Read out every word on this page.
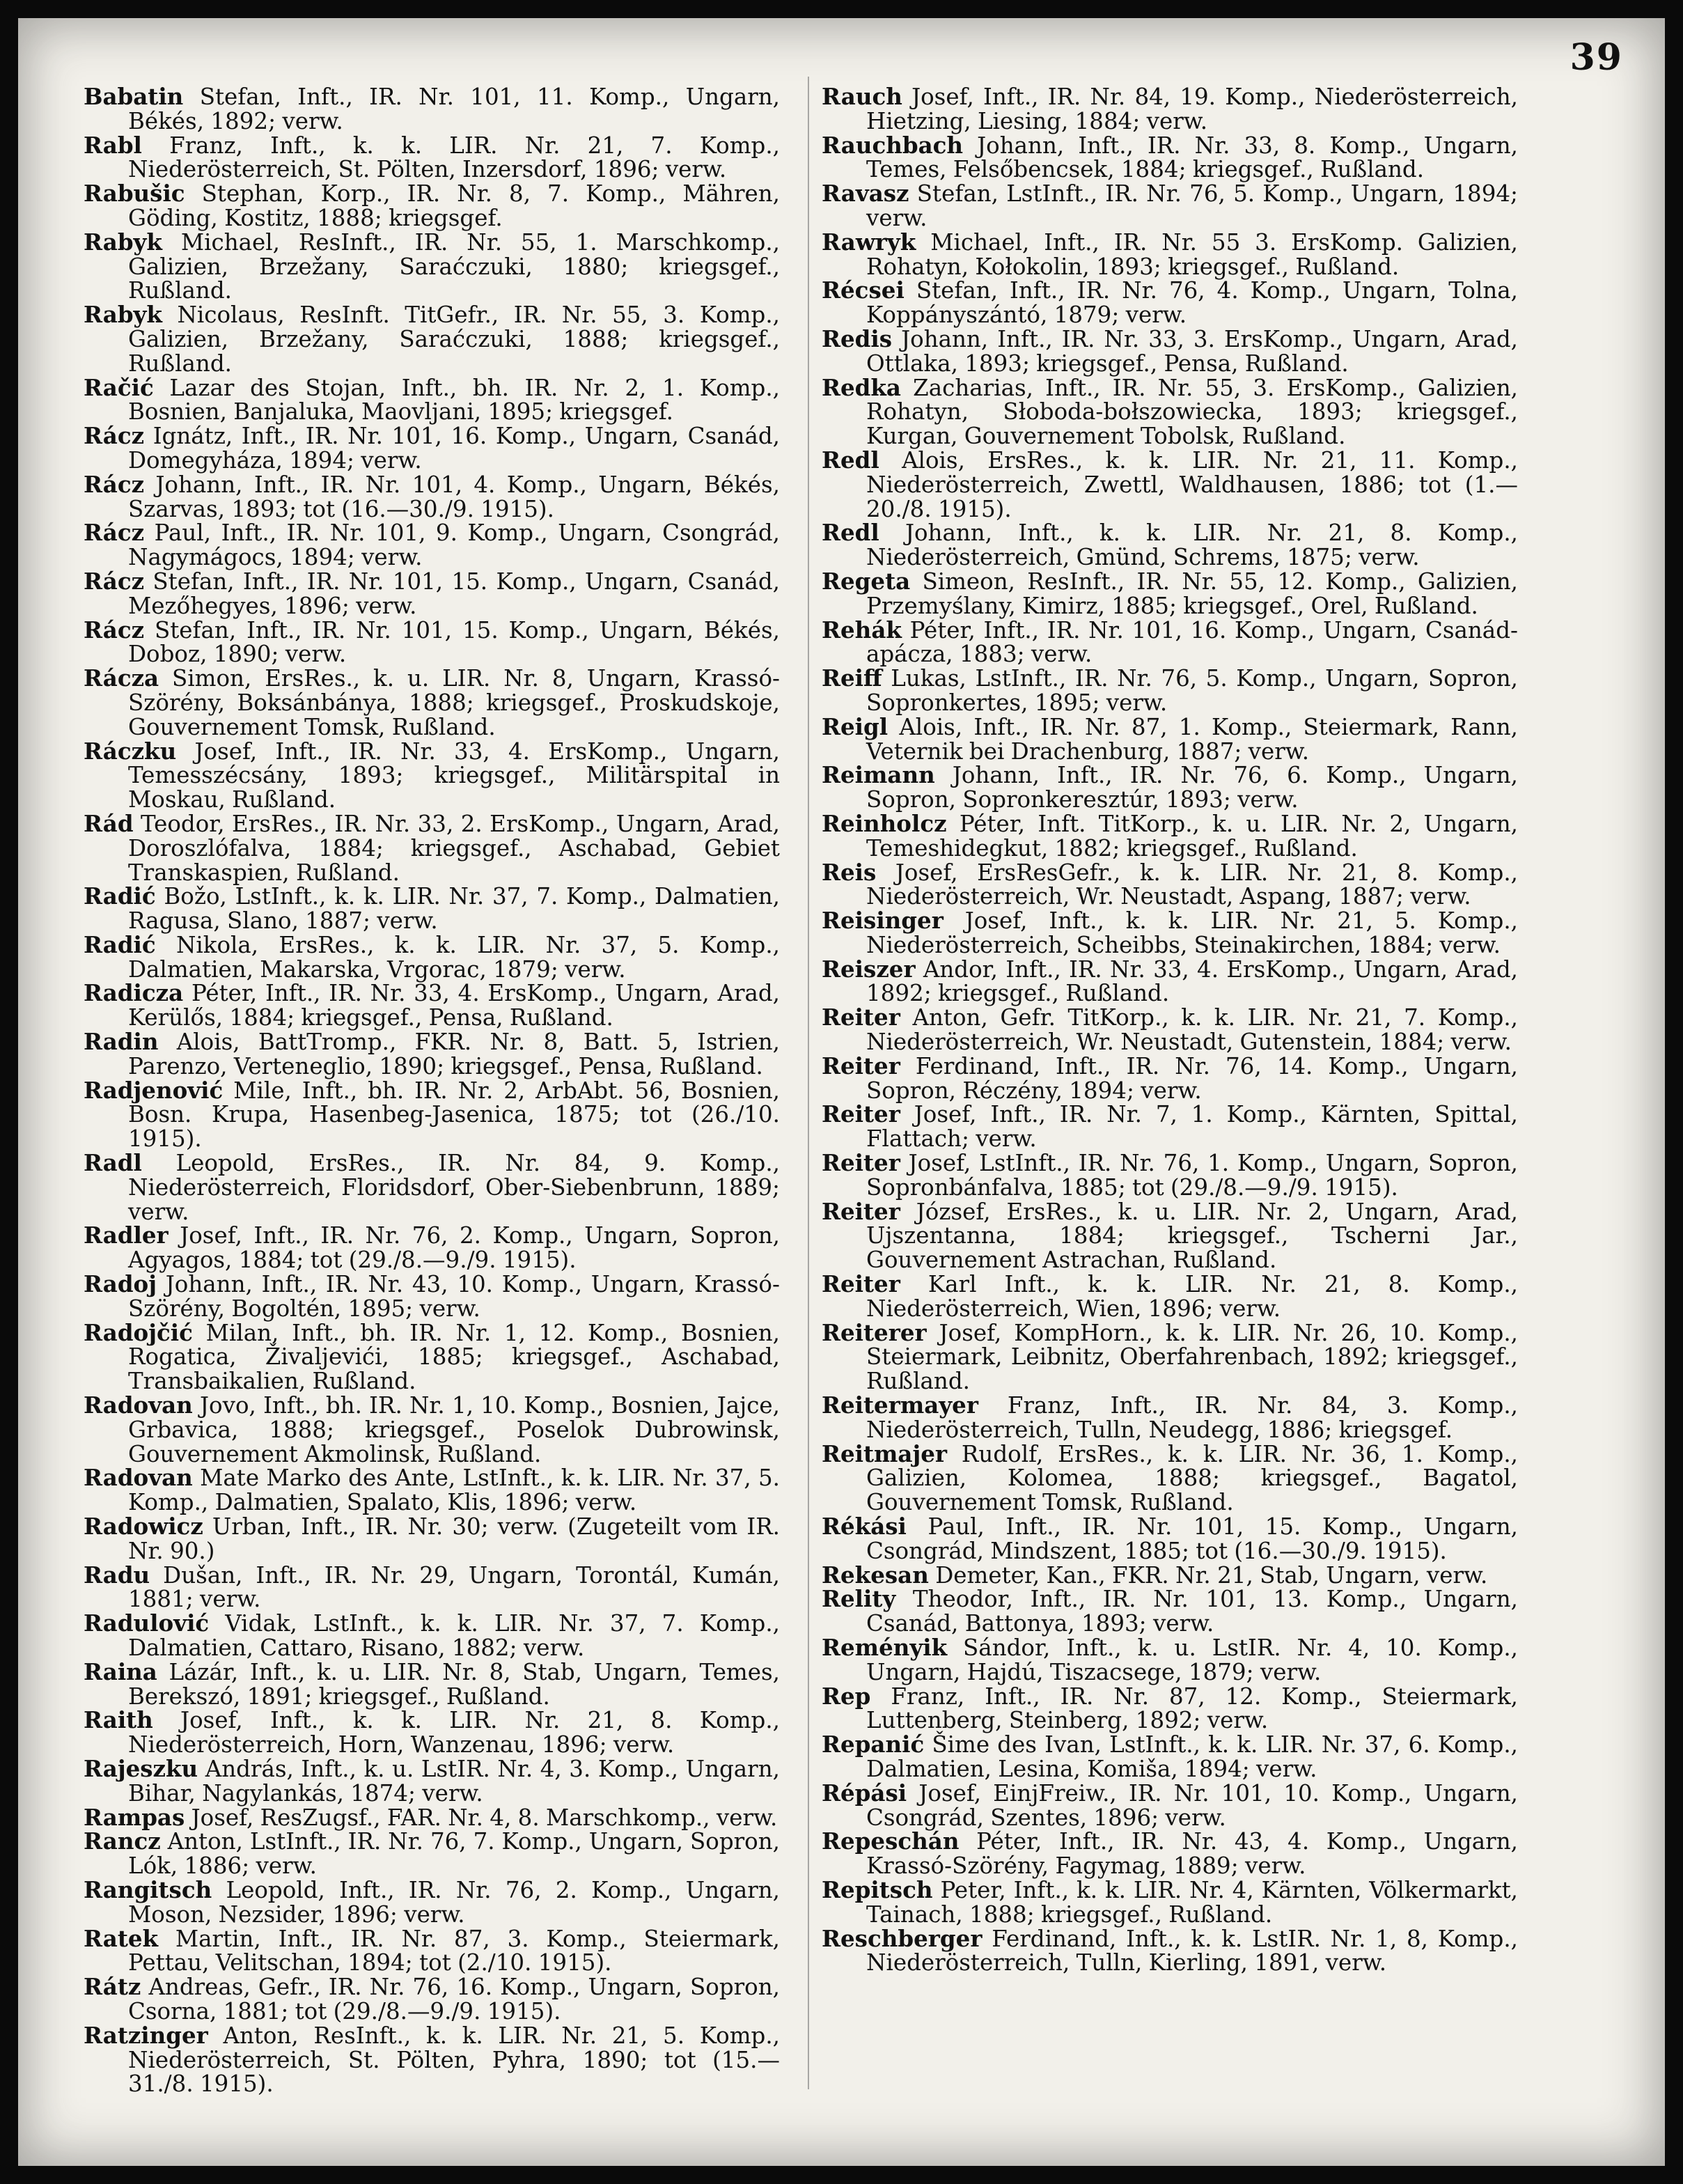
39
Babatin Stefan, Inft., IR. Nr. 101, 11. Komp., Ungarn, Békés, 1892; verw.
Rabl Franz, Inft., k. k. LIR. Nr. 21, 7. Komp., Niederösterreich, St. Pölten, Inzersdorf, 1896; verw.
Rabušic Stephan, Korp., IR. Nr. 8, 7. Komp., Mähren, Göding, Kostitz, 1888; kriegsgef.
Rabyk Michael, ResInft., IR. Nr. 55, 1. Marschkomp., Galizien, Brzežany, Saraćczuki, 1880; kriegsgef., Rußland.
Rabyk Nicolaus, ResInft. TitGefr., IR. Nr. 55, 3. Komp., Galizien, Brzežany, Saraćczuki, 1888; kriegsgef., Rußland.
Račić Lazar des Stojan, Inft., bh. IR. Nr. 2, 1. Komp., Bosnien, Banjaluka, Maovljani, 1895; kriegsgef.
Rácz Ignátz, Inft., IR. Nr. 101, 16. Komp., Ungarn, Csanád, Domegyháza, 1894; verw.
Rácz Johann, Inft., IR. Nr. 101, 4. Komp., Ungarn, Békés, Szarvas, 1893; tot (16.—30./9. 1915).
Rácz Paul, Inft., IR. Nr. 101, 9. Komp., Ungarn, Csongrád, Nagymágocs, 1894; verw.
Rácz Stefan, Inft., IR. Nr. 101, 15. Komp., Ungarn, Csanád, Mezőhegyes, 1896; verw.
Rácz Stefan, Inft., IR. Nr. 101, 15. Komp., Ungarn, Békés, Doboz, 1890; verw.
Rácza Simon, ErsRes., k. u. LIR. Nr. 8, Ungarn, Krassó-Szörény, Boksánbánya, 1888; kriegsgef., Proskudskoje, Gouvernement Tomsk, Rußland.
Ráczku Josef, Inft., IR. Nr. 33, 4. ErsKomp., Ungarn, Temesszécsány, 1893; kriegsgef., Militärspital in Moskau, Rußland.
Rád Teodor, ErsRes., IR. Nr. 33, 2. ErsKomp., Ungarn, Arad, Doroszlófalva, 1884; kriegsgef., Aschabad, Gebiet Transkaspien, Rußland.
Radić Božo, LstInft., k. k. LIR. Nr. 37, 7. Komp., Dalmatien, Ragusa, Slano, 1887; verw.
Radić Nikola, ErsRes., k. k. LIR. Nr. 37, 5. Komp., Dalmatien, Makarska, Vrgorac, 1879; verw.
Radicza Péter, Inft., IR. Nr. 33, 4. ErsKomp., Ungarn, Arad, Kerülős, 1884; kriegsgef., Pensa, Rußland.
Radin Alois, BattTromp., FKR. Nr. 8, Batt. 5, Istrien, Parenzo, Verteneglio, 1890; kriegsgef., Pensa, Rußland.
Radjenović Mile, Inft., bh. IR. Nr. 2, ArbAbt. 56, Bosnien, Bosn. Krupa, Hasenbeg-Jasenica, 1875; tot (26./10. 1915).
Radl Leopold, ErsRes., IR. Nr. 84, 9. Komp., Niederösterreich, Floridsdorf, Ober-Siebenbrunn, 1889; verw.
Radler Josef, Inft., IR. Nr. 76, 2. Komp., Ungarn, Sopron, Agyagos, 1884; tot (29./8.—9./9. 1915).
Radoj Johann, Inft., IR. Nr. 43, 10. Komp., Ungarn, Krassó-Szörény, Bogoltén, 1895; verw.
Radojčić Milan, Inft., bh. IR. Nr. 1, 12. Komp., Bosnien, Rogatica, Živaljevići, 1885; kriegsgef., Aschabad, Transbaikalien, Rußland.
Radovan Jovo, Inft., bh. IR. Nr. 1, 10. Komp., Bosnien, Jajce, Grbavica, 1888; kriegsgef., Poselok Dubrowinsk, Gouvernement Akmolinsk, Rußland.
Radovan Mate Marko des Ante, LstInft., k. k. LIR. Nr. 37, 5. Komp., Dalmatien, Spalato, Klis, 1896; verw.
Radowicz Urban, Inft., IR. Nr. 30; verw. (Zugeteilt vom IR. Nr. 90.)
Radu Dušan, Inft., IR. Nr. 29, Ungarn, Torontál, Kumán, 1881; verw.
Radulović Vidak, LstInft., k. k. LIR. Nr. 37, 7. Komp., Dalmatien, Cattaro, Risano, 1882; verw.
Raina Lázár, Inft., k. u. LIR. Nr. 8, Stab, Ungarn, Temes, Berekszó, 1891; kriegsgef., Rußland.
Raith Josef, Inft., k. k. LIR. Nr. 21, 8. Komp., Niederösterreich, Horn, Wanzenau, 1896; verw.
Rajeszku András, Inft., k. u. LstIR. Nr. 4, 3. Komp., Ungarn, Bihar, Nagylankás, 1874; verw.
Rampas Josef, ResZugsf., FAR. Nr. 4, 8. Marschkomp., verw.
Rancz Anton, LstInft., IR. Nr. 76, 7. Komp., Ungarn, Sopron, Lók, 1886; verw.
Rangitsch Leopold, Inft., IR. Nr. 76, 2. Komp., Ungarn, Moson, Nezsider, 1896; verw.
Ratek Martin, Inft., IR. Nr. 87, 3. Komp., Steiermark, Pettau, Velitschan, 1894; tot (2./10. 1915).
Rátz Andreas, Gefr., IR. Nr. 76, 16. Komp., Ungarn, Sopron, Csorna, 1881; tot (29./8.—9./9. 1915).
Ratzinger Anton, ResInft., k. k. LIR. Nr. 21, 5. Komp., Niederösterreich, St. Pölten, Pyhra, 1890; tot (15.—31./8. 1915).
Rauch Josef, Inft., IR. Nr. 84, 19. Komp., Niederösterreich, Hietzing, Liesing, 1884; verw.
Rauchbach Johann, Inft., IR. Nr. 33, 8. Komp., Ungarn, Temes, Felsőbencsek, 1884; kriegsgef., Rußland.
Ravasz Stefan, LstInft., IR. Nr. 76, 5. Komp., Ungarn, 1894; verw.
Rawryk Michael, Inft., IR. Nr. 55 3. ErsKomp. Galizien, Rohatyn, Kołokolin, 1893; kriegsgef., Rußland.
Récsei Stefan, Inft., IR. Nr. 76, 4. Komp., Ungarn, Tolna, Koppányszántó, 1879; verw.
Redis Johann, Inft., IR. Nr. 33, 3. ErsKomp., Ungarn, Arad, Ottlaka, 1893; kriegsgef., Pensa, Rußland.
Redka Zacharias, Inft., IR. Nr. 55, 3. ErsKomp., Galizien, Rohatyn, Słoboda-bołszowiecka, 1893; kriegsgef., Kurgan, Gouvernement Tobolsk, Rußland.
Redl Alois, ErsRes., k. k. LIR. Nr. 21, 11. Komp., Niederösterreich, Zwettl, Waldhausen, 1886; tot (1.—20./8. 1915).
Redl Johann, Inft., k. k. LIR. Nr. 21, 8. Komp., Niederösterreich, Gmünd, Schrems, 1875; verw.
Regeta Simeon, ResInft., IR. Nr. 55, 12. Komp., Galizien, Przemyślany, Kimirz, 1885; kriegsgef., Orel, Rußland.
Rehák Péter, Inft., IR. Nr. 101, 16. Komp., Ungarn, Csanád-apácza, 1883; verw.
Reiff Lukas, LstInft., IR. Nr. 76, 5. Komp., Ungarn, Sopron, Sopronkertes, 1895; verw.
Reigl Alois, Inft., IR. Nr. 87, 1. Komp., Steiermark, Rann, Veternik bei Drachenburg, 1887; verw.
Reimann Johann, Inft., IR. Nr. 76, 6. Komp., Ungarn, Sopron, Sopronkeresztúr, 1893; verw.
Reinholcz Péter, Inft. TitKorp., k. u. LIR. Nr. 2, Ungarn, Temeshidegkut, 1882; kriegsgef., Rußland.
Reis Josef, ErsResGefr., k. k. LIR. Nr. 21, 8. Komp., Niederösterreich, Wr. Neustadt, Aspang, 1887; verw.
Reisinger Josef, Inft., k. k. LIR. Nr. 21, 5. Komp., Niederösterreich, Scheibbs, Steinakirchen, 1884; verw.
Reiszer Andor, Inft., IR. Nr. 33, 4. ErsKomp., Ungarn, Arad, 1892; kriegsgef., Rußland.
Reiter Anton, Gefr. TitKorp., k. k. LIR. Nr. 21, 7. Komp., Niederösterreich, Wr. Neustadt, Gutenstein, 1884; verw.
Reiter Ferdinand, Inft., IR. Nr. 76, 14. Komp., Ungarn, Sopron, Réczény, 1894; verw.
Reiter Josef, Inft., IR. Nr. 7, 1. Komp., Kärnten, Spittal, Flattach; verw.
Reiter Josef, LstInft., IR. Nr. 76, 1. Komp., Ungarn, Sopron, Sopronbánfalva, 1885; tot (29./8.—9./9. 1915).
Reiter József, ErsRes., k. u. LIR. Nr. 2, Ungarn, Arad, Ujszentanna, 1884; kriegsgef., Tscherni Jar., Gouvernement Astrachan, Rußland.
Reiter Karl Inft., k. k. LIR. Nr. 21, 8. Komp., Niederösterreich, Wien, 1896; verw.
Reiterer Josef, KompHorn., k. k. LIR. Nr. 26, 10. Komp., Steiermark, Leibnitz, Oberfahrenbach, 1892; kriegsgef., Rußland.
Reitermayer Franz, Inft., IR. Nr. 84, 3. Komp., Niederösterreich, Tulln, Neudegg, 1886; kriegsgef.
Reitmajer Rudolf, ErsRes., k. k. LIR. Nr. 36, 1. Komp., Galizien, Kolomea, 1888; kriegsgef., Bagatol, Gouvernement Tomsk, Rußland.
Rékási Paul, Inft., IR. Nr. 101, 15. Komp., Ungarn, Csongrád, Mindszent, 1885; tot (16.—30./9. 1915).
Rekesan Demeter, Kan., FKR. Nr. 21, Stab, Ungarn, verw.
Relity Theodor, Inft., IR. Nr. 101, 13. Komp., Ungarn, Csanád, Battonya, 1893; verw.
Reményik Sándor, Inft., k. u. LstIR. Nr. 4, 10. Komp., Ungarn, Hajdú, Tiszacsege, 1879; verw.
Rep Franz, Inft., IR. Nr. 87, 12. Komp., Steiermark, Luttenberg, Steinberg, 1892; verw.
Repanić Šime des Ivan, LstInft., k. k. LIR. Nr. 37, 6. Komp., Dalmatien, Lesina, Komiša, 1894; verw.
Répási Josef, EinjFreiw., IR. Nr. 101, 10. Komp., Ungarn, Csongrád, Szentes, 1896; verw.
Repeschán Péter, Inft., IR. Nr. 43, 4. Komp., Ungarn, Krassó-Szörény, Fagymag, 1889; verw.
Repitsch Peter, Inft., k. k. LIR. Nr. 4, Kärnten, Völkermarkt, Tainach, 1888; kriegsgef., Rußland.
Reschberger Ferdinand, Inft., k. k. LstIR. Nr. 1, 8, Komp., Niederösterreich, Tulln, Kierling, 1891, verw.
